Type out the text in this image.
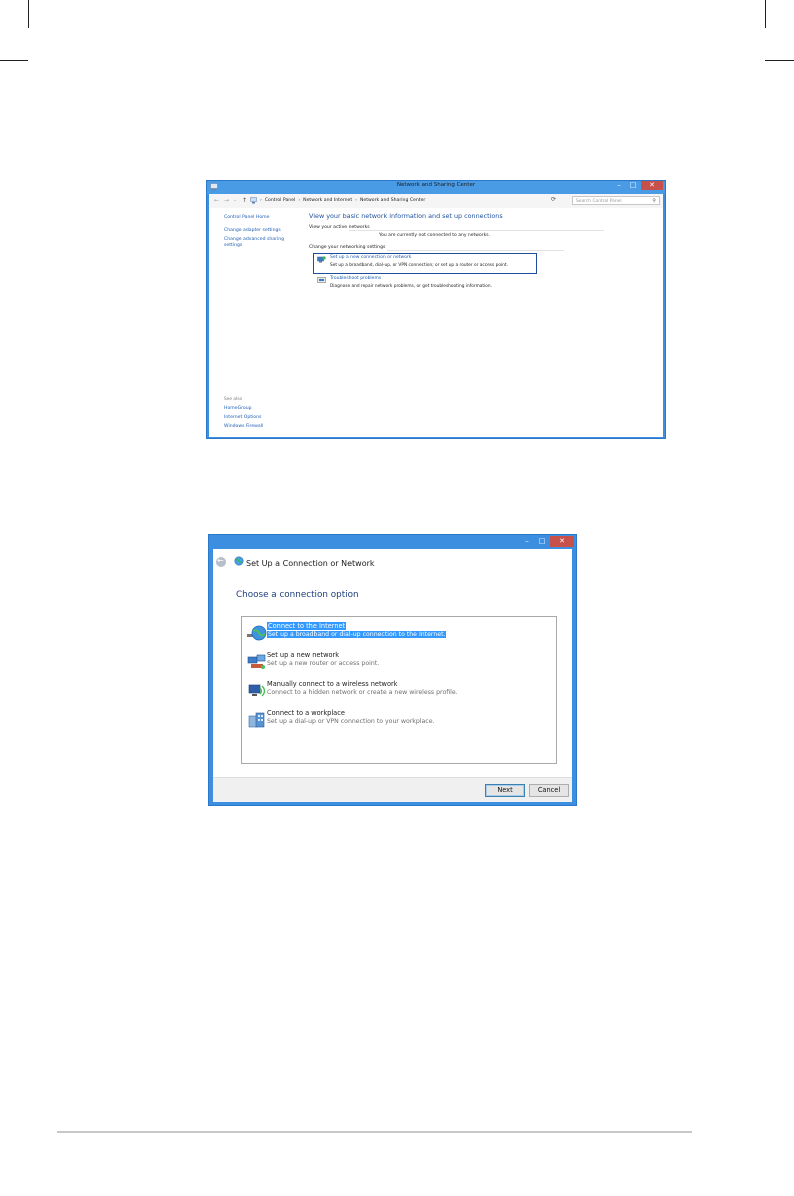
Network and Sharing Center	–	□	✕
← → ⌄ ↑	› Control Panel › Network and Internet › Network and Sharing Center	⟳	Search Control Panel	⚲
Control Panel Home
Change adapter settings
Change advanced sharing settings
See also
HomeGroup
Internet Options
Windows Firewall
View your basic network information and set up connections
View your active networks
You are currently not connected to any networks.
Change your networking settings
Set up a new connection or network
Set up a broadband, dial-up, or VPN connection; or set up a router or access point.
Troubleshoot problems
Diagnose and repair network problems, or get troubleshooting information.
–	□	✕
←	Set Up a Connection or Network
Choose a connection option
Connect to the Internet
Set up a broadband or dial-up connection to the Internet.
Set up a new network
Set up a new router or access point.
Manually connect to a wireless network
Connect to a hidden network or create a new wireless profile.
Connect to a workplace
Set up a dial-up or VPN connection to your workplace.
Next	Cancel
